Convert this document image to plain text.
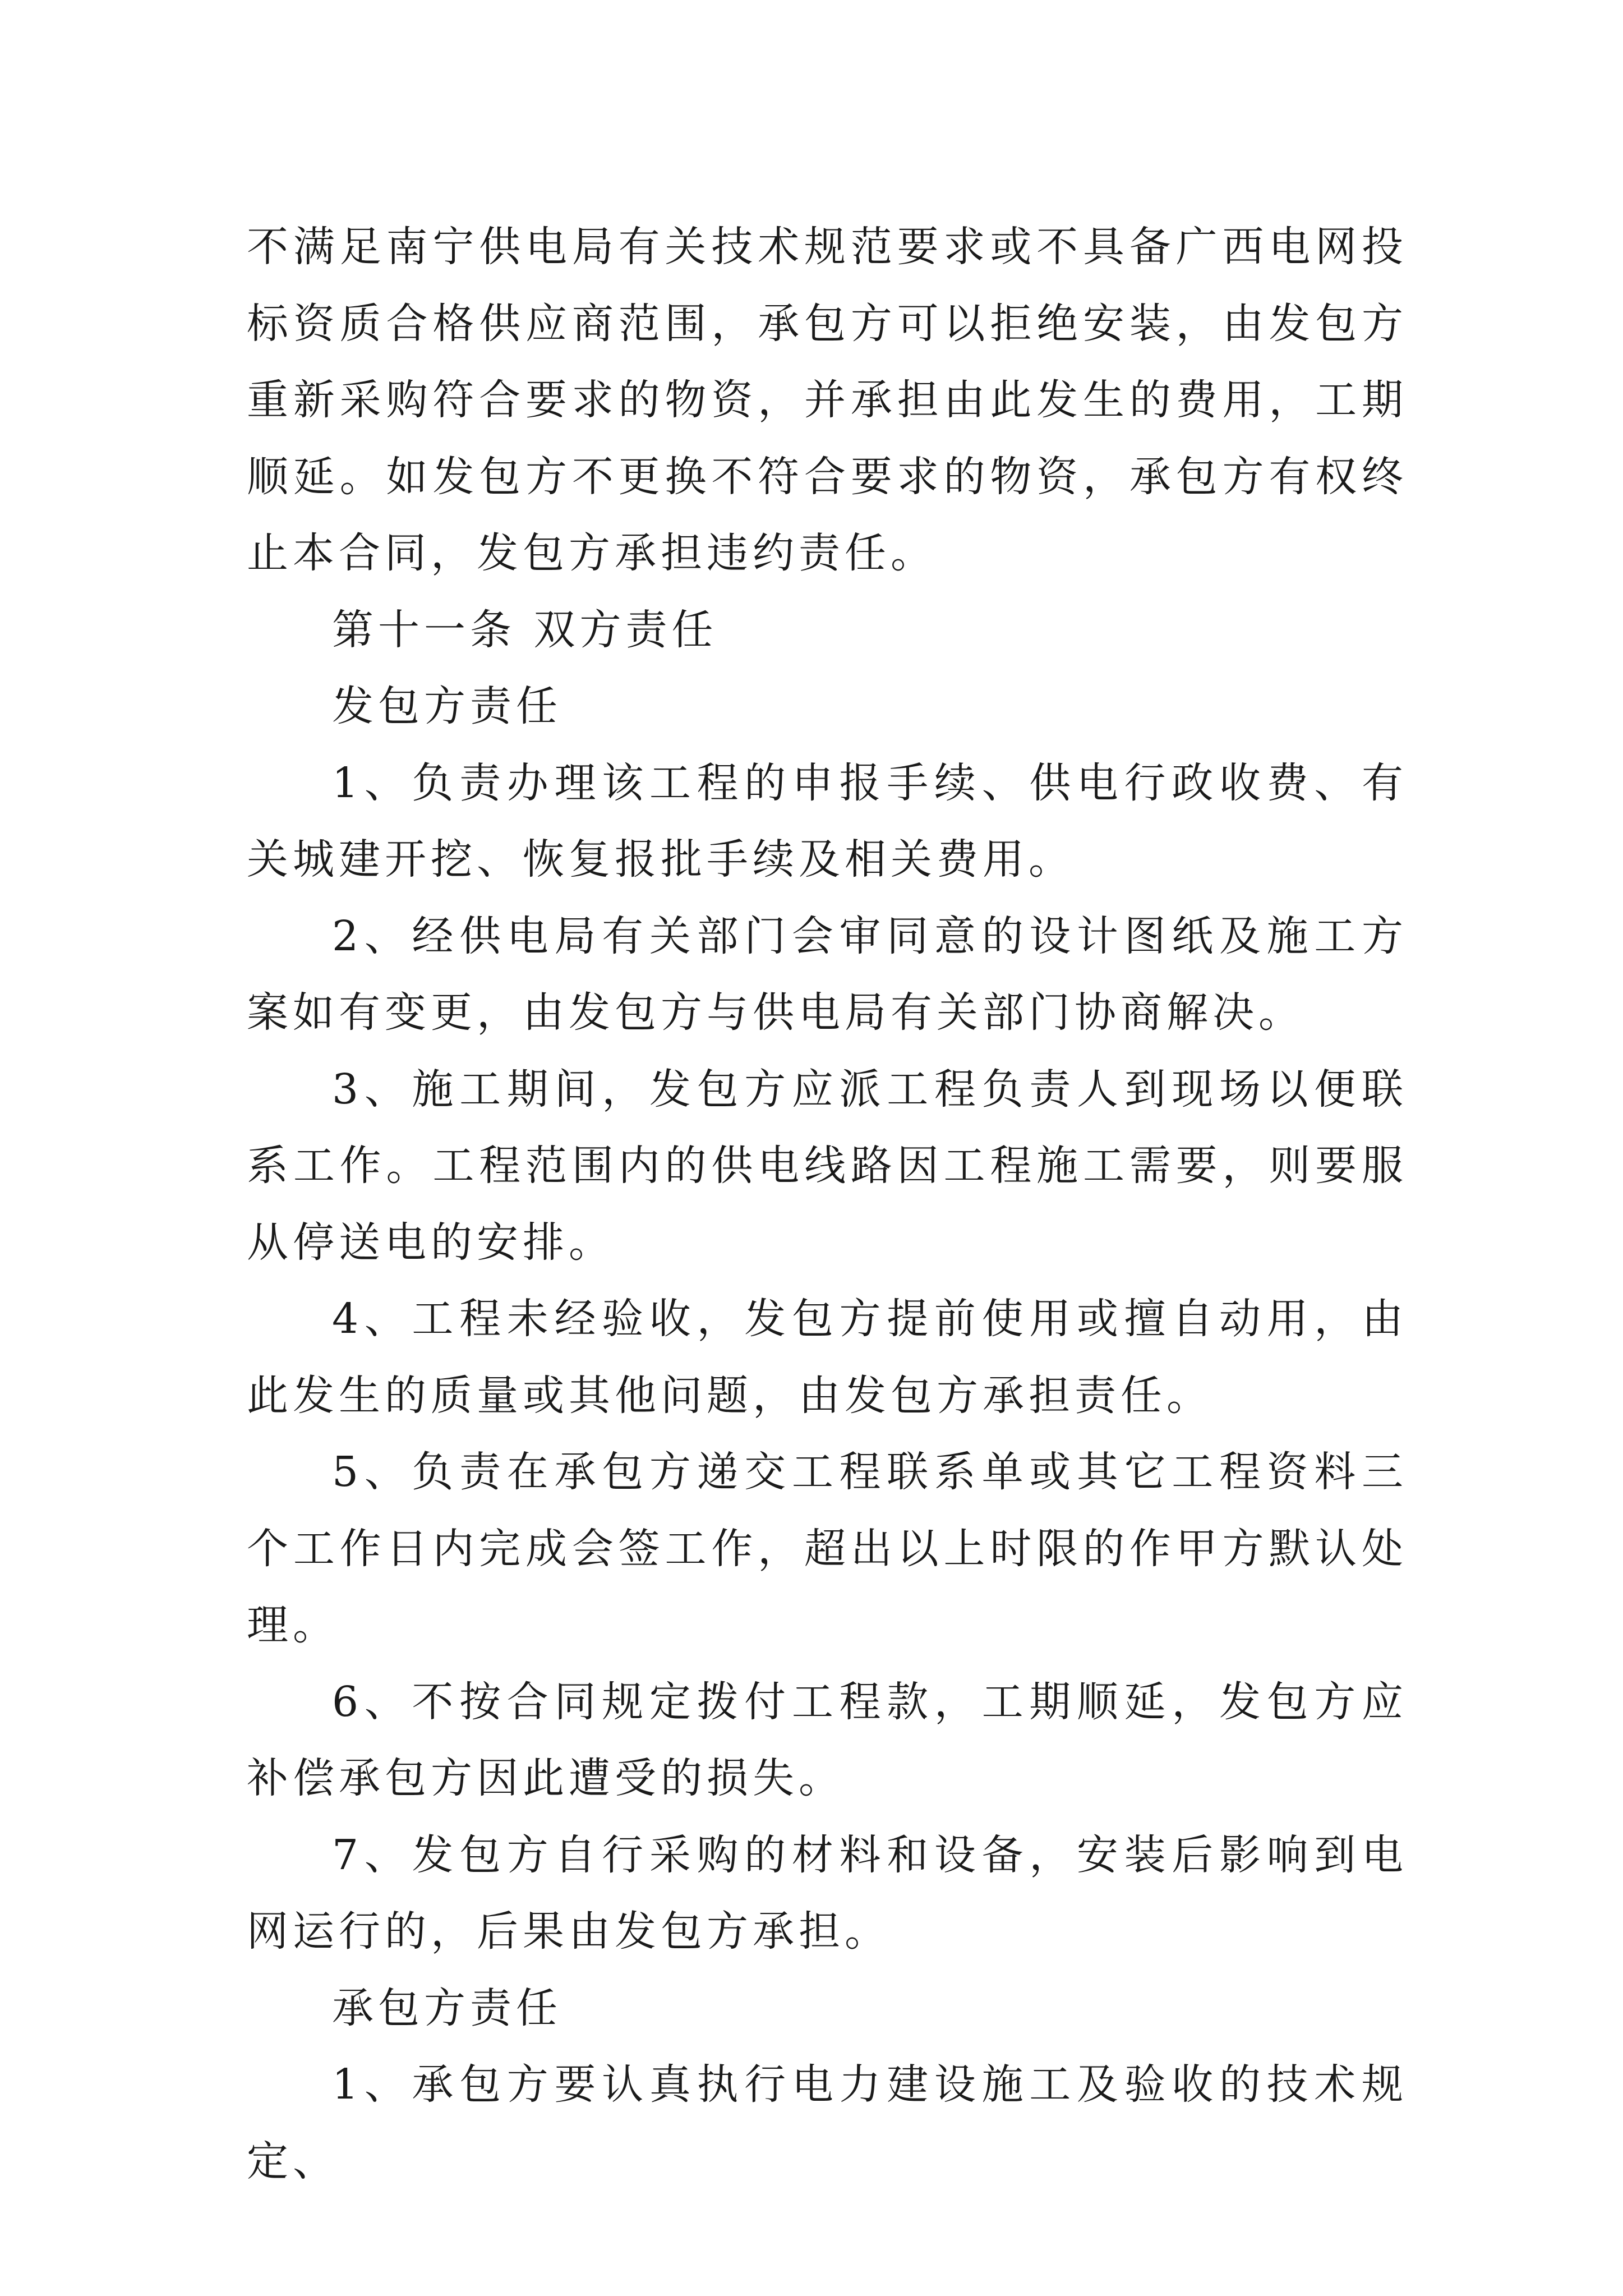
不满足南宁供电局有关技术规范要求或不具备广西电网投标资质合格供应商范围，承包方可以拒绝安装，由发包方重新采购符合要求的物资，并承担由此发生的费用，工期顺延。如发包方不更换不符合要求的物资，承包方有权终止本合同，发包方承担违约责任。

第十一条 双方责任

发包方责任

1、负责办理该工程的申报手续、供电行政收费、有关城建开挖、恢复报批手续及相关费用。

2、经供电局有关部门会审同意的设计图纸及施工方案如有变更，由发包方与供电局有关部门协商解决。

3、施工期间，发包方应派工程负责人到现场以便联系工作。工程范围内的供电线路因工程施工需要，则要服从停送电的安排。

4、工程未经验收，发包方提前使用或擅自动用，由此发生的质量或其他问题，由发包方承担责任。

5、负责在承包方递交工程联系单或其它工程资料三个工作日内完成会签工作，超出以上时限的作甲方默认处理。

6、不按合同规定拨付工程款，工期顺延，发包方应补偿承包方因此遭受的损失。

7、发包方自行采购的材料和设备，安装后影响到电网运行的，后果由发包方承担。

承包方责任

1、承包方要认真执行电力建设施工及验收的技术规定、
